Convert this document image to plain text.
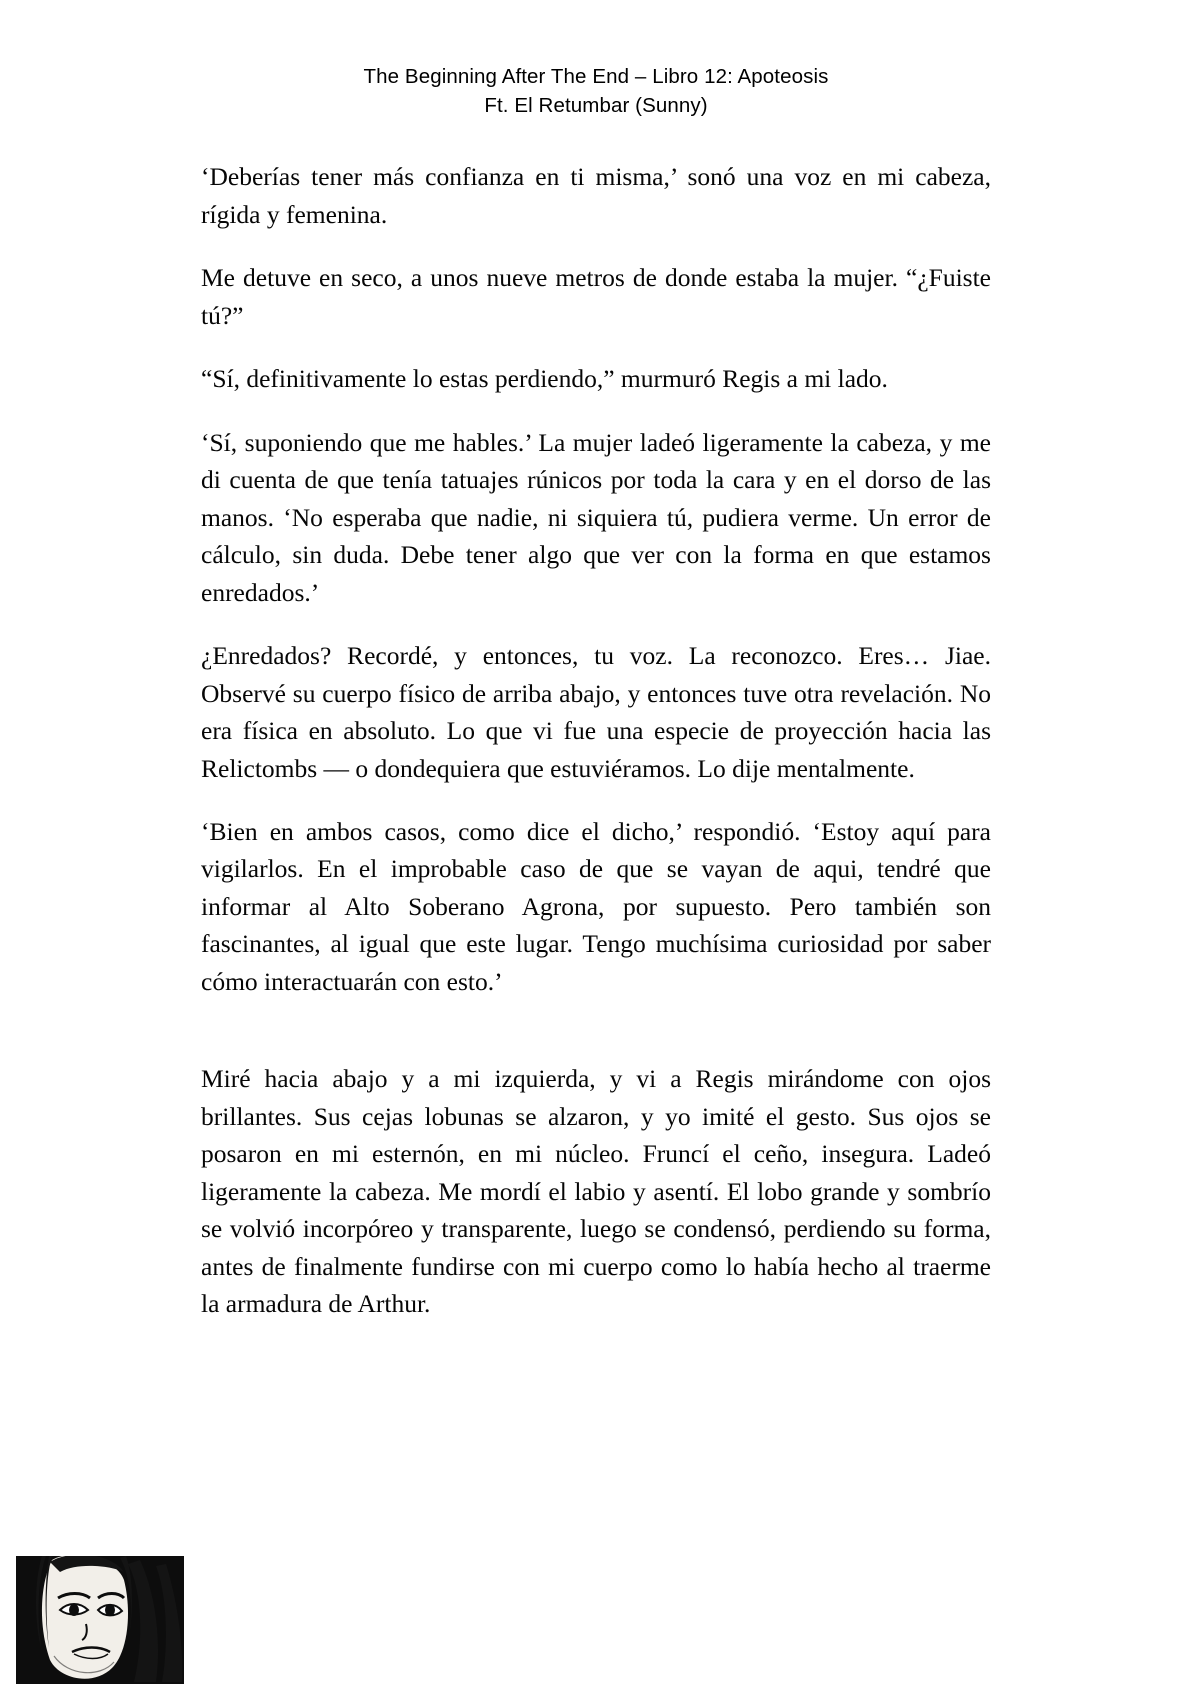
The Beginning After The End – Libro 12: Apoteosis
Ft. El Retumbar (Sunny)

‘Deberías tener más confianza en ti misma,’ sonó una voz en mi cabeza, rígida y femenina.

Me detuve en seco, a unos nueve metros de donde estaba la mujer. “¿Fuiste tú?”

“Sí, definitivamente lo estas perdiendo,” murmuró Regis a mi lado.

‘Sí, suponiendo que me hables.’ La mujer ladeó ligeramente la cabeza, y me di cuenta de que tenía tatuajes rúnicos por toda la cara y en el dorso de las manos. ‘No esperaba que nadie, ni siquiera tú, pudiera verme. Un error de cálculo, sin duda. Debe tener algo que ver con la forma en que estamos enredados.’

¿Enredados? Recordé, y entonces, tu voz. La reconozco. Eres… Jiae. Observé su cuerpo físico de arriba abajo, y entonces tuve otra revelación. No era física en absoluto. Lo que vi fue una especie de proyección hacia las Relictombs — o dondequiera que estuviéramos. Lo dije mentalmente.

‘Bien en ambos casos, como dice el dicho,’ respondió. ‘Estoy aquí para vigilarlos. En el improbable caso de que se vayan de aqui, tendré que informar al Alto Soberano Agrona, por supuesto. Pero también son fascinantes, al igual que este lugar. Tengo muchísima curiosidad por saber cómo interactuarán con esto.’

Miré hacia abajo y a mi izquierda, y vi a Regis mirándome con ojos brillantes. Sus cejas lobunas se alzaron, y yo imité el gesto. Sus ojos se posaron en mi esternón, en mi núcleo. Fruncí el ceño, insegura. Ladeó ligeramente la cabeza. Me mordí el labio y asentí. El lobo grande y sombrío se volvió incorpóreo y transparente, luego se condensó, perdiendo su forma, antes de finalmente fundirse con mi cuerpo como lo había hecho al traerme la armadura de Arthur.
